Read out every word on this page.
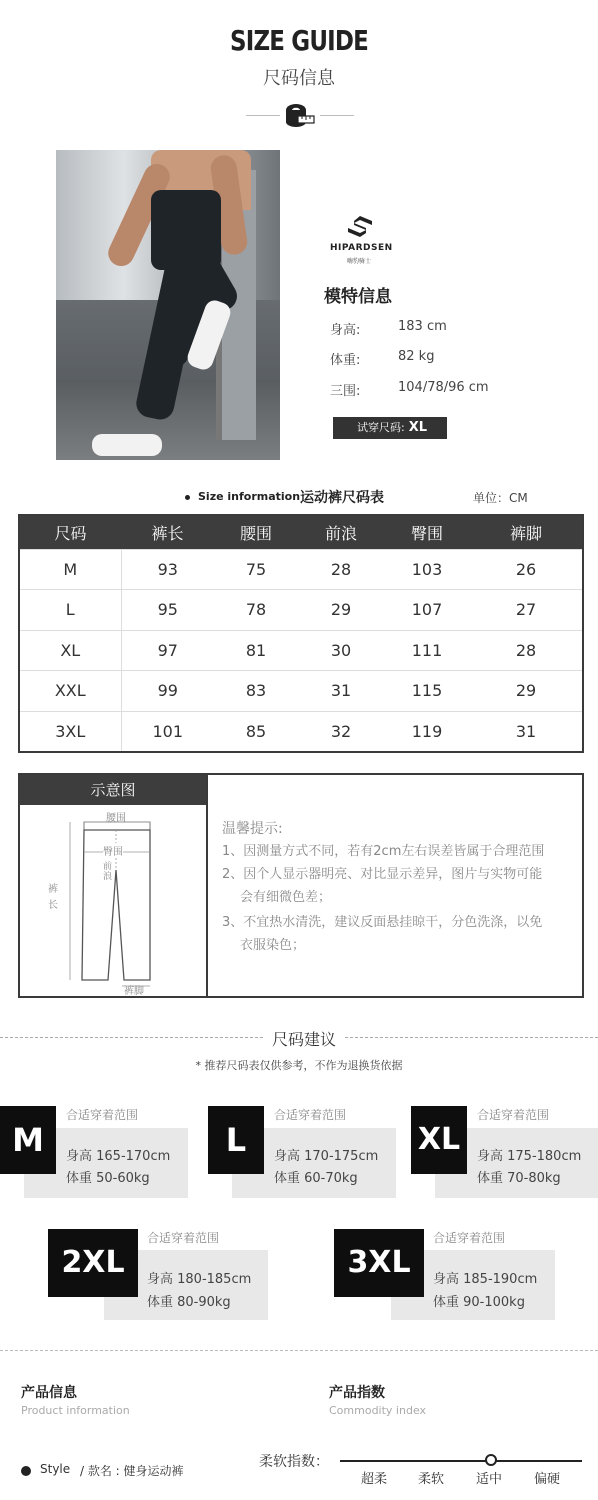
SIZE GUIDE
尺码信息
HIPARDSEN
嗨豹骑士
模特信息
身高:	183 cm
体重:	82 kg
三围:	104/78/96 cm
试穿尺码: XL
Size information 运动裤尺码表	单位：CM
尺码	裤长	腰围	前浪	臀围	裤脚
M	93	75	28	103	26
L	95	78	29	107	27
XL	97	81	30	111	28
XXL	99	83	31	115	29
3XL	101	85	32	119	31
示意图
腰围
臀围
前浪
裤长
裤脚
温馨提示:
1、因测量方式不同，若有2cm左右误差皆属于合理范围
2、因个人显示器明亮、对比显示差异，图片与实物可能
会有细微色差；
3、不宜热水清洗，建议反面悬挂晾干，分色洗涤，以免
衣服染色；
尺码建议
* 推荐尺码表仅供参考，不作为退换货依据
合适穿着范围
M	身高 165-170cm
体重 50-60kg
合适穿着范围
L	身高 170-175cm
体重 60-70kg
合适穿着范围
XL	身高 175-180cm
体重 70-80kg
合适穿着范围
2XL	身高 180-185cm
体重 80-90kg
合适穿着范围
3XL	身高 185-190cm
体重 90-100kg
产品信息
Product information
产品指数
Commodity index
Style / 款名 : 健身运动裤
柔软指数：
超柔 柔软 适中 偏硬
